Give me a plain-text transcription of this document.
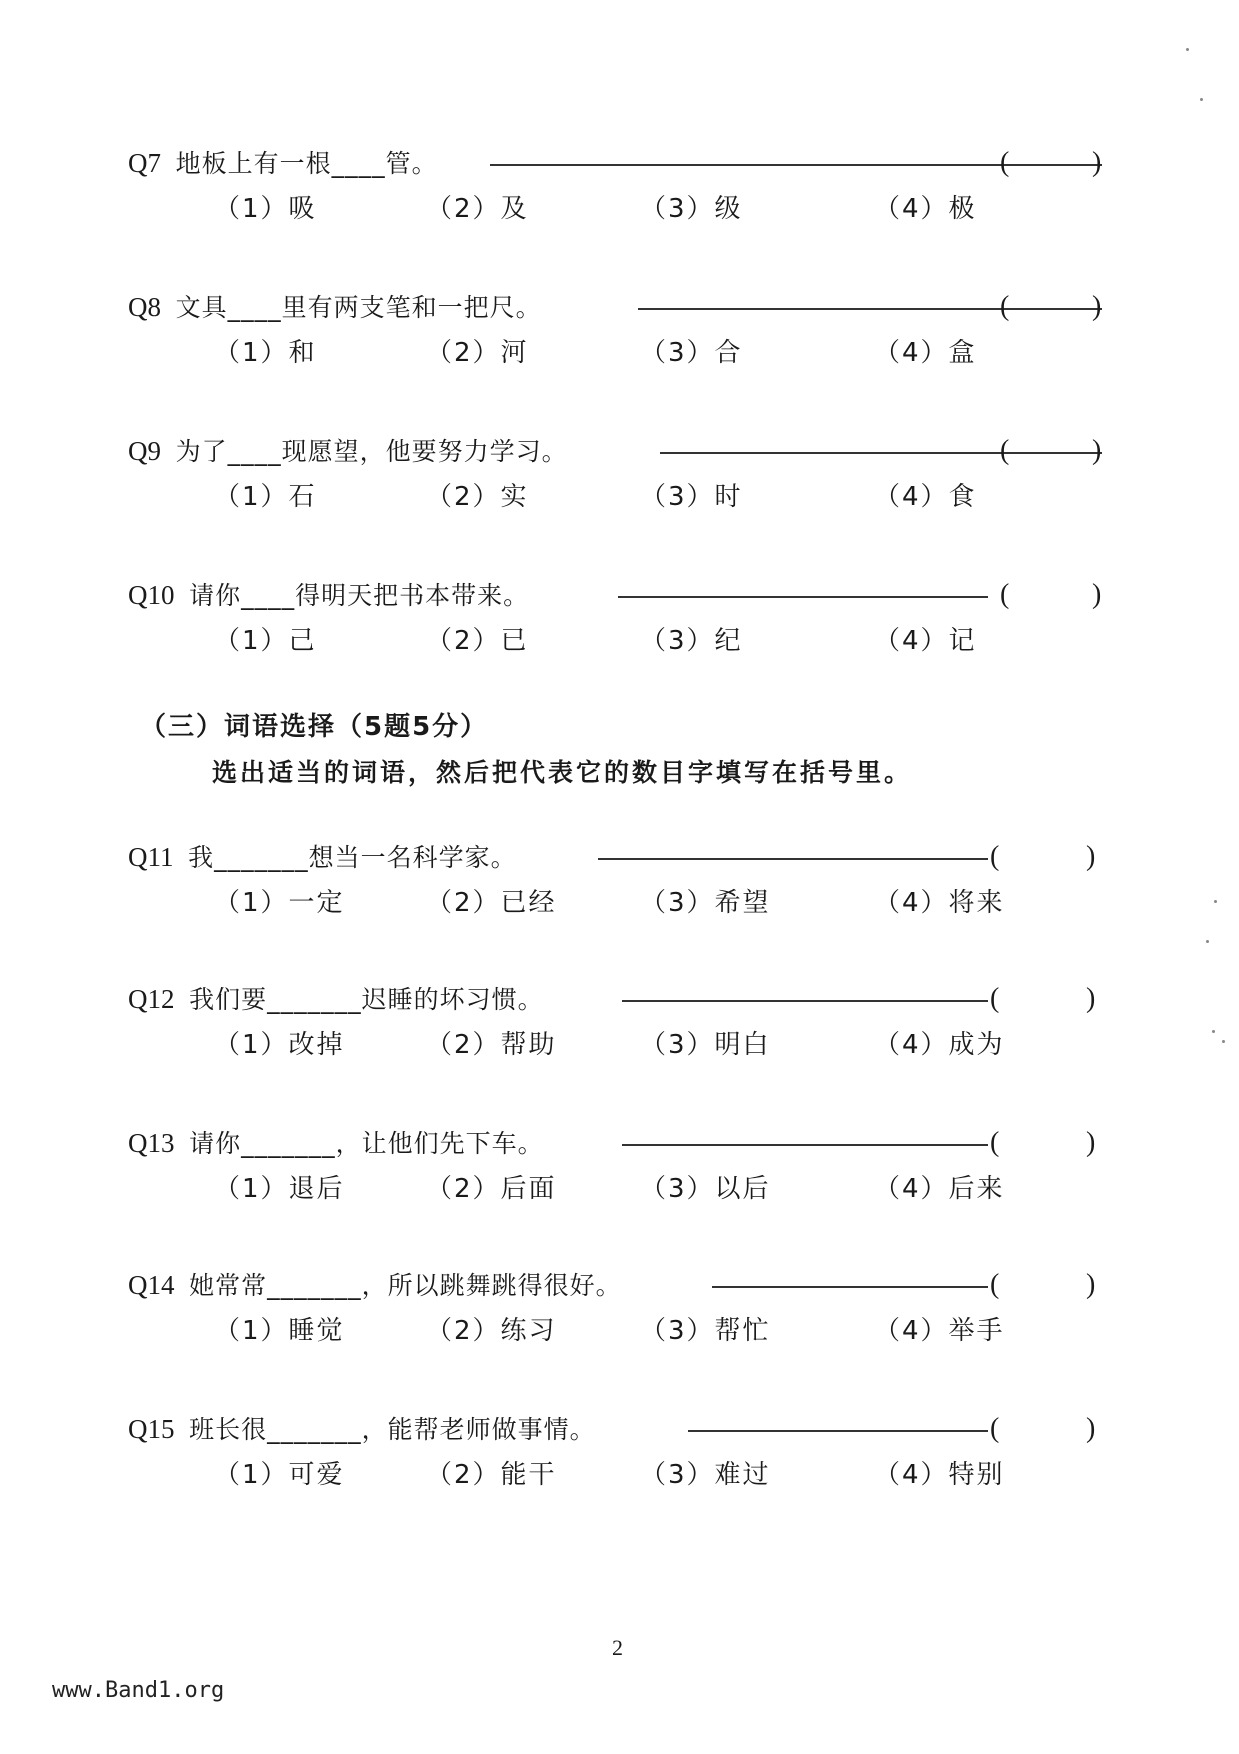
Q7 地板上有一根____管。	(	)
（1）吸	（2）及	（3）级	（4）极
Q8 文具____里有两支笔和一把尺。	(	)
（1）和	（2）河	（3）合	（4）盒
Q9 为了____现愿望，他要努力学习。	(	)
（1）石	（2）实	（3）时	（4）食
Q10 请你____得明天把书本带来。	(	)
（1）己	（2）已	（3）纪	（4）记
（三）词语选择（5题5分）
选出适当的词语，然后把代表它的数目字填写在括号里。
Q11 我_______想当一名科学家。	(	)
（1）一定	（2）已经	（3）希望	（4）将来
Q12 我们要_______迟睡的坏习惯。	(	)
（1）改掉	（2）帮助	（3）明白	（4）成为
Q13 请你_______，让他们先下车。	(	)
（1）退后	（2）后面	（3）以后	（4）后来
Q14 她常常_______，所以跳舞跳得很好。	(	)
（1）睡觉	（2）练习	（3）帮忙	（4）举手
Q15 班长很_______，能帮老师做事情。	(	)
（1）可爱	（2）能干	（3）难过	（4）特别
2
www.Band1.org
